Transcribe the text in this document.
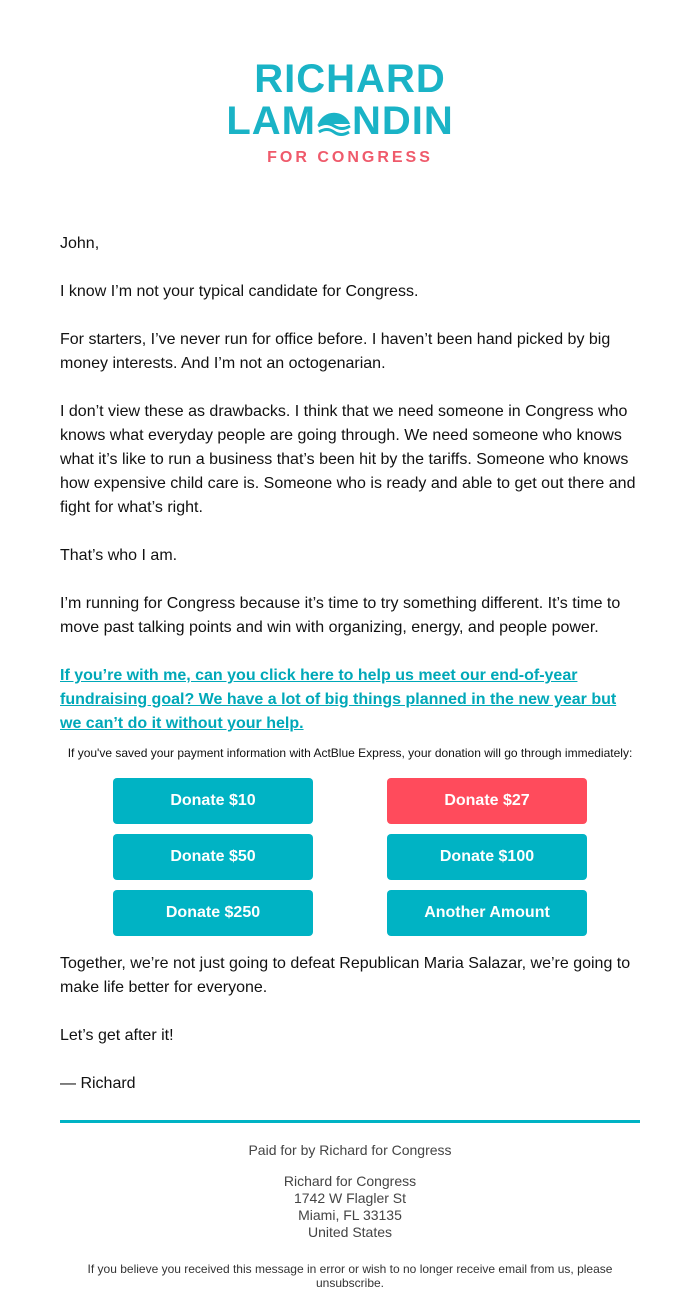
RICHARD
LAM NDIN
FOR CONGRESS

John,

I know I’m not your typical candidate for Congress.

For starters, I’ve never run for office before. I haven’t been hand picked by big money interests. And I’m not an octogenarian.

I don’t view these as drawbacks. I think that we need someone in Congress who knows what everyday people are going through. We need someone who knows what it’s like to run a business that’s been hit by the tariffs. Someone who knows how expensive child care is. Someone who is ready and able to get out there and fight for what’s right.

That’s who I am.

I’m running for Congress because it’s time to try something different. It’s time to move past talking points and win with organizing, energy, and people power.

If you’re with me, can you click here to help us meet our end-of-year fundraising goal? We have a lot of big things planned in the new year but we can’t do it without your help.
If you've saved your payment information with ActBlue Express, your donation will go through immediately:
Donate $10	Donate $27
Donate $50	Donate $100
Donate $250	Another Amount

Together, we’re not just going to defeat Republican Maria Salazar, we’re going to make life better for everyone.

Let’s get after it!

— Richard

Paid for by Richard for Congress

Richard for Congress
1742 W Flagler St
Miami, FL 33135
United States
If you believe you received this message in error or wish to no longer receive email from us, please unsubscribe.
